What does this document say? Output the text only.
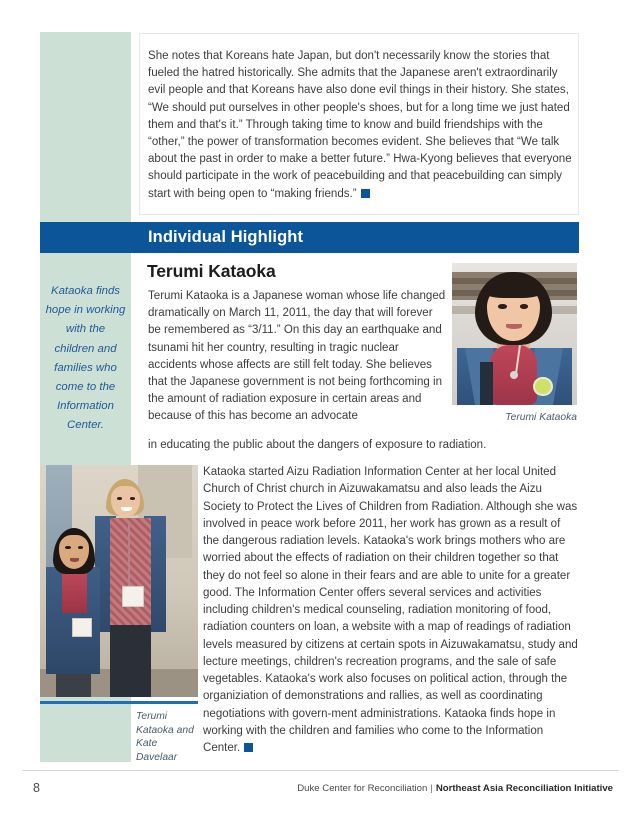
She notes that Koreans hate Japan, but don't necessarily know the stories that fueled the hatred historically. She admits that the Japanese aren't extraordinarily evil people and that Koreans have also done evil things in their history. She states, “We should put ourselves in other people's shoes, but for a long time we just hated them and that's it.” Through taking time to know and build friendships with the “other,” the power of transformation becomes evident. She believes that “We talk about the past in order to make a better future.” Hwa-Kyong believes that everyone should participate in the work of peacebuilding and that peacebuilding can simply start with being open to “making friends.”
Individual Highlight
Kataoka finds hope in working with the children and families who come to the Information Center.
Terumi Kataoka
Terumi Kataoka is a Japanese woman whose life changed dramatically on March 11, 2011, the day that will forever be remembered as “3/11.” On this day an earthquake and tsunami hit her country, resulting in tragic nuclear accidents whose affects are still felt today. She believes that the Japanese government is not being forthcoming in the amount of radiation exposure in certain areas and because of this has become an advocate
in educating the public about the dangers of exposure to radiation.
Kataoka started Aizu Radiation Information Center at her local United Church of Christ church in Aizuwakamatsu and also leads the Aizu Society to Protect the Lives of Children from Radiation. Although she was involved in peace work before 2011, her work has grown as a result of the dangerous radiation levels. Kataoka's work brings mothers who are worried about the effects of radiation on their children together so that they do not feel so alone in their fears and are able to unite for a greater good. The Information Center offers several services and activities including children's medical counseling, radiation monitoring of food, radiation counters on loan, a website with a map of readings of radiation levels measured by citizens at certain spots in Aizuwakamatsu, study and lecture meetings, children's recreation programs, and the sale of safe vegetables. Kataoka's work also focuses on political action, through the organiziation of demonstrations and rallies, as well as coordinating negotiations with govern-ment administrations. Kataoka finds hope in working with the children and families who come to the Information Center.
Terumi Kataoka
Terumi Kataoka and Kate Davelaar
8	Duke Center for Reconciliation | Northeast Asia Reconciliation Initiative
